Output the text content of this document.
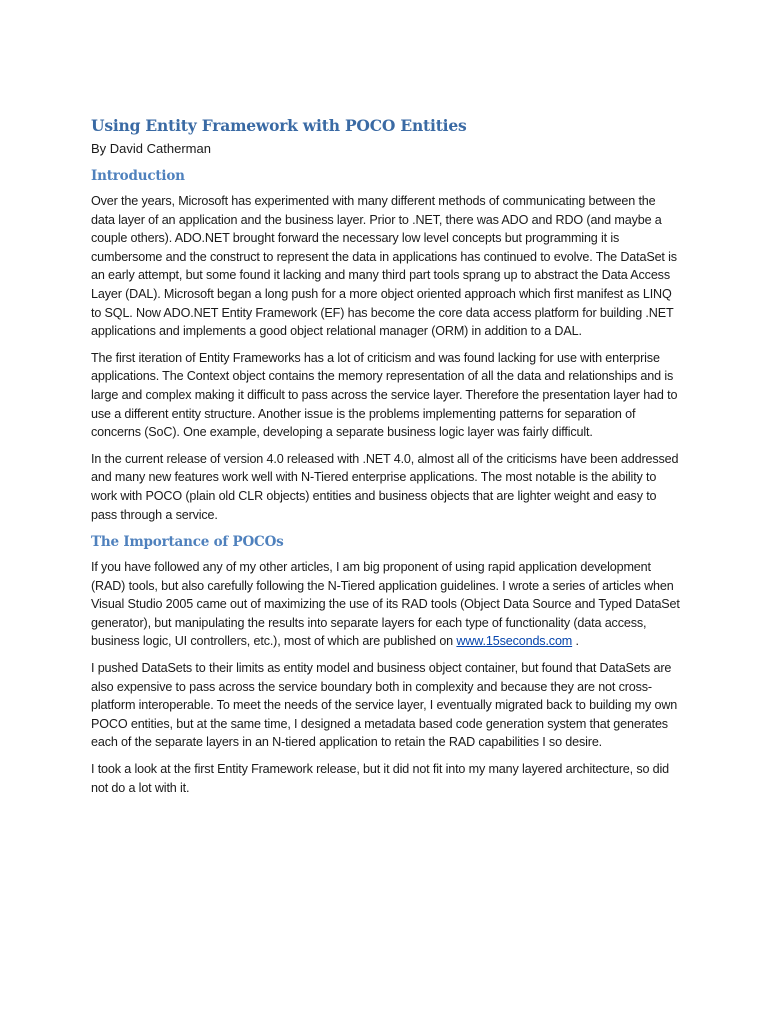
Using Entity Framework with POCO Entities
By David Catherman
Introduction

Over the years, Microsoft has experimented with many different methods of communicating between the data layer of an application and the business layer. Prior to .NET, there was ADO and RDO (and maybe a couple others). ADO.NET brought forward the necessary low level concepts but programming it is cumbersome and the construct to represent the data in applications has continued to evolve. The DataSet is an early attempt, but some found it lacking and many third part tools sprang up to abstract the Data Access Layer (DAL). Microsoft began a long push for a more object oriented approach which first manifest as LINQ to SQL. Now ADO.NET Entity Framework (EF) has become the core data access platform for building .NET applications and implements a good object relational manager (ORM) in addition to a DAL.

The first iteration of Entity Frameworks has a lot of criticism and was found lacking for use with enterprise applications. The Context object contains the memory representation of all the data and relationships and is large and complex making it difficult to pass across the service layer. Therefore the presentation layer had to use a different entity structure. Another issue is the problems implementing patterns for separation of concerns (SoC). One example, developing a separate business logic layer was fairly difficult.

In the current release of version 4.0 released with .NET 4.0, almost all of the criticisms have been addressed and many new features work well with N-Tiered enterprise applications. The most notable is the ability to work with POCO (plain old CLR objects) entities and business objects that are lighter weight and easy to pass through a service.

The Importance of POCOs

If you have followed any of my other articles, I am big proponent of using rapid application development (RAD) tools, but also carefully following the N-Tiered application guidelines. I wrote a series of articles when Visual Studio 2005 came out of maximizing the use of its RAD tools (Object Data Source and Typed DataSet generator), but manipulating the results into separate layers for each type of functionality (data access, business logic, UI controllers, etc.), most of which are published on www.15seconds.com .

I pushed DataSets to their limits as entity model and business object container, but found that DataSets are also expensive to pass across the service boundary both in complexity and because they are not cross-platform interoperable. To meet the needs of the service layer, I eventually migrated back to building my own POCO entities, but at the same time, I designed a metadata based code generation system that generates each of the separate layers in an N-tiered application to retain the RAD capabilities I so desire.

I took a look at the first Entity Framework release, but it did not fit into my many layered architecture, so did not do a lot with it.
